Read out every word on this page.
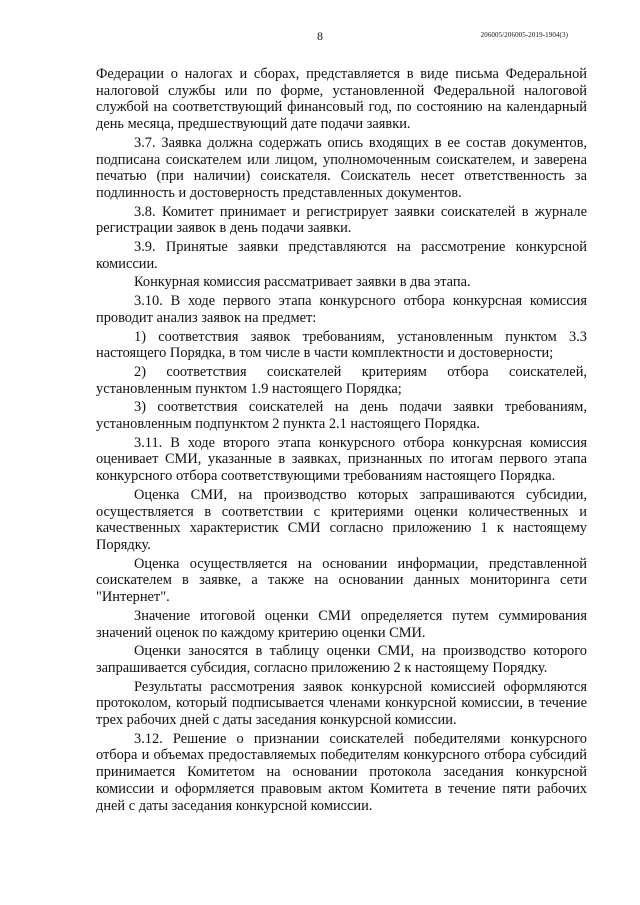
8	206005/206005-2019-1904(3)

Федерации о налогах и сборах, представляется в виде письма Федеральной налоговой службы или по форме, установленной Федеральной налоговой службой на соответствующий финансовый год, по состоянию на календарный день месяца, предшествующий дате подачи заявки.

3.7. Заявка должна содержать опись входящих в ее состав документов, подписана соискателем или лицом, уполномоченным соискателем, и заверена печатью (при наличии) соискателя. Соискатель несет ответственность за подлинность и достоверность представленных документов.

3.8. Комитет принимает и регистрирует заявки соискателей в журнале регистрации заявок в день подачи заявки.

3.9. Принятые заявки представляются на рассмотрение конкурсной комиссии.

Конкурная комиссия рассматривает заявки в два этапа.

3.10. В ходе первого этапа конкурсного отбора конкурсная комиссия проводит анализ заявок на предмет:

1) соответствия заявок требованиям, установленным пунктом 3.3 настоящего Порядка, в том числе в части комплектности и достоверности;

2) соответствия соискателей критериям отбора соискателей, установленным пунктом 1.9 настоящего Порядка;

3) соответствия соискателей на день подачи заявки требованиям, установленным подпунктом 2 пункта 2.1 настоящего Порядка.

3.11. В ходе второго этапа конкурсного отбора конкурсная комиссия оценивает СМИ, указанные в заявках, признанных по итогам первого этапа конкурсного отбора соответствующими требованиям настоящего Порядка.

Оценка СМИ, на производство которых запрашиваются субсидии, осуществляется в соответствии с критериями оценки количественных и качественных характеристик СМИ согласно приложению 1 к настоящему Порядку.

Оценка осуществляется на основании информации, представленной соискателем в заявке, а также на основании данных мониторинга сети "Интернет".

Значение итоговой оценки СМИ определяется путем суммирования значений оценок по каждому критерию оценки СМИ.

Оценки заносятся в таблицу оценки СМИ, на производство которого запрашивается субсидия, согласно приложению 2 к настоящему Порядку.

Результаты рассмотрения заявок конкурсной комиссией оформляются протоколом, который подписывается членами конкурсной комиссии, в течение трех рабочих дней с даты заседания конкурсной комиссии.

3.12. Решение о признании соискателей победителями конкурсного отбора и объемах предоставляемых победителям конкурсного отбора субсидий принимается Комитетом на основании протокола заседания конкурсной комиссии и оформляется правовым актом Комитета в течение пяти рабочих дней с даты заседания конкурсной комиссии.
